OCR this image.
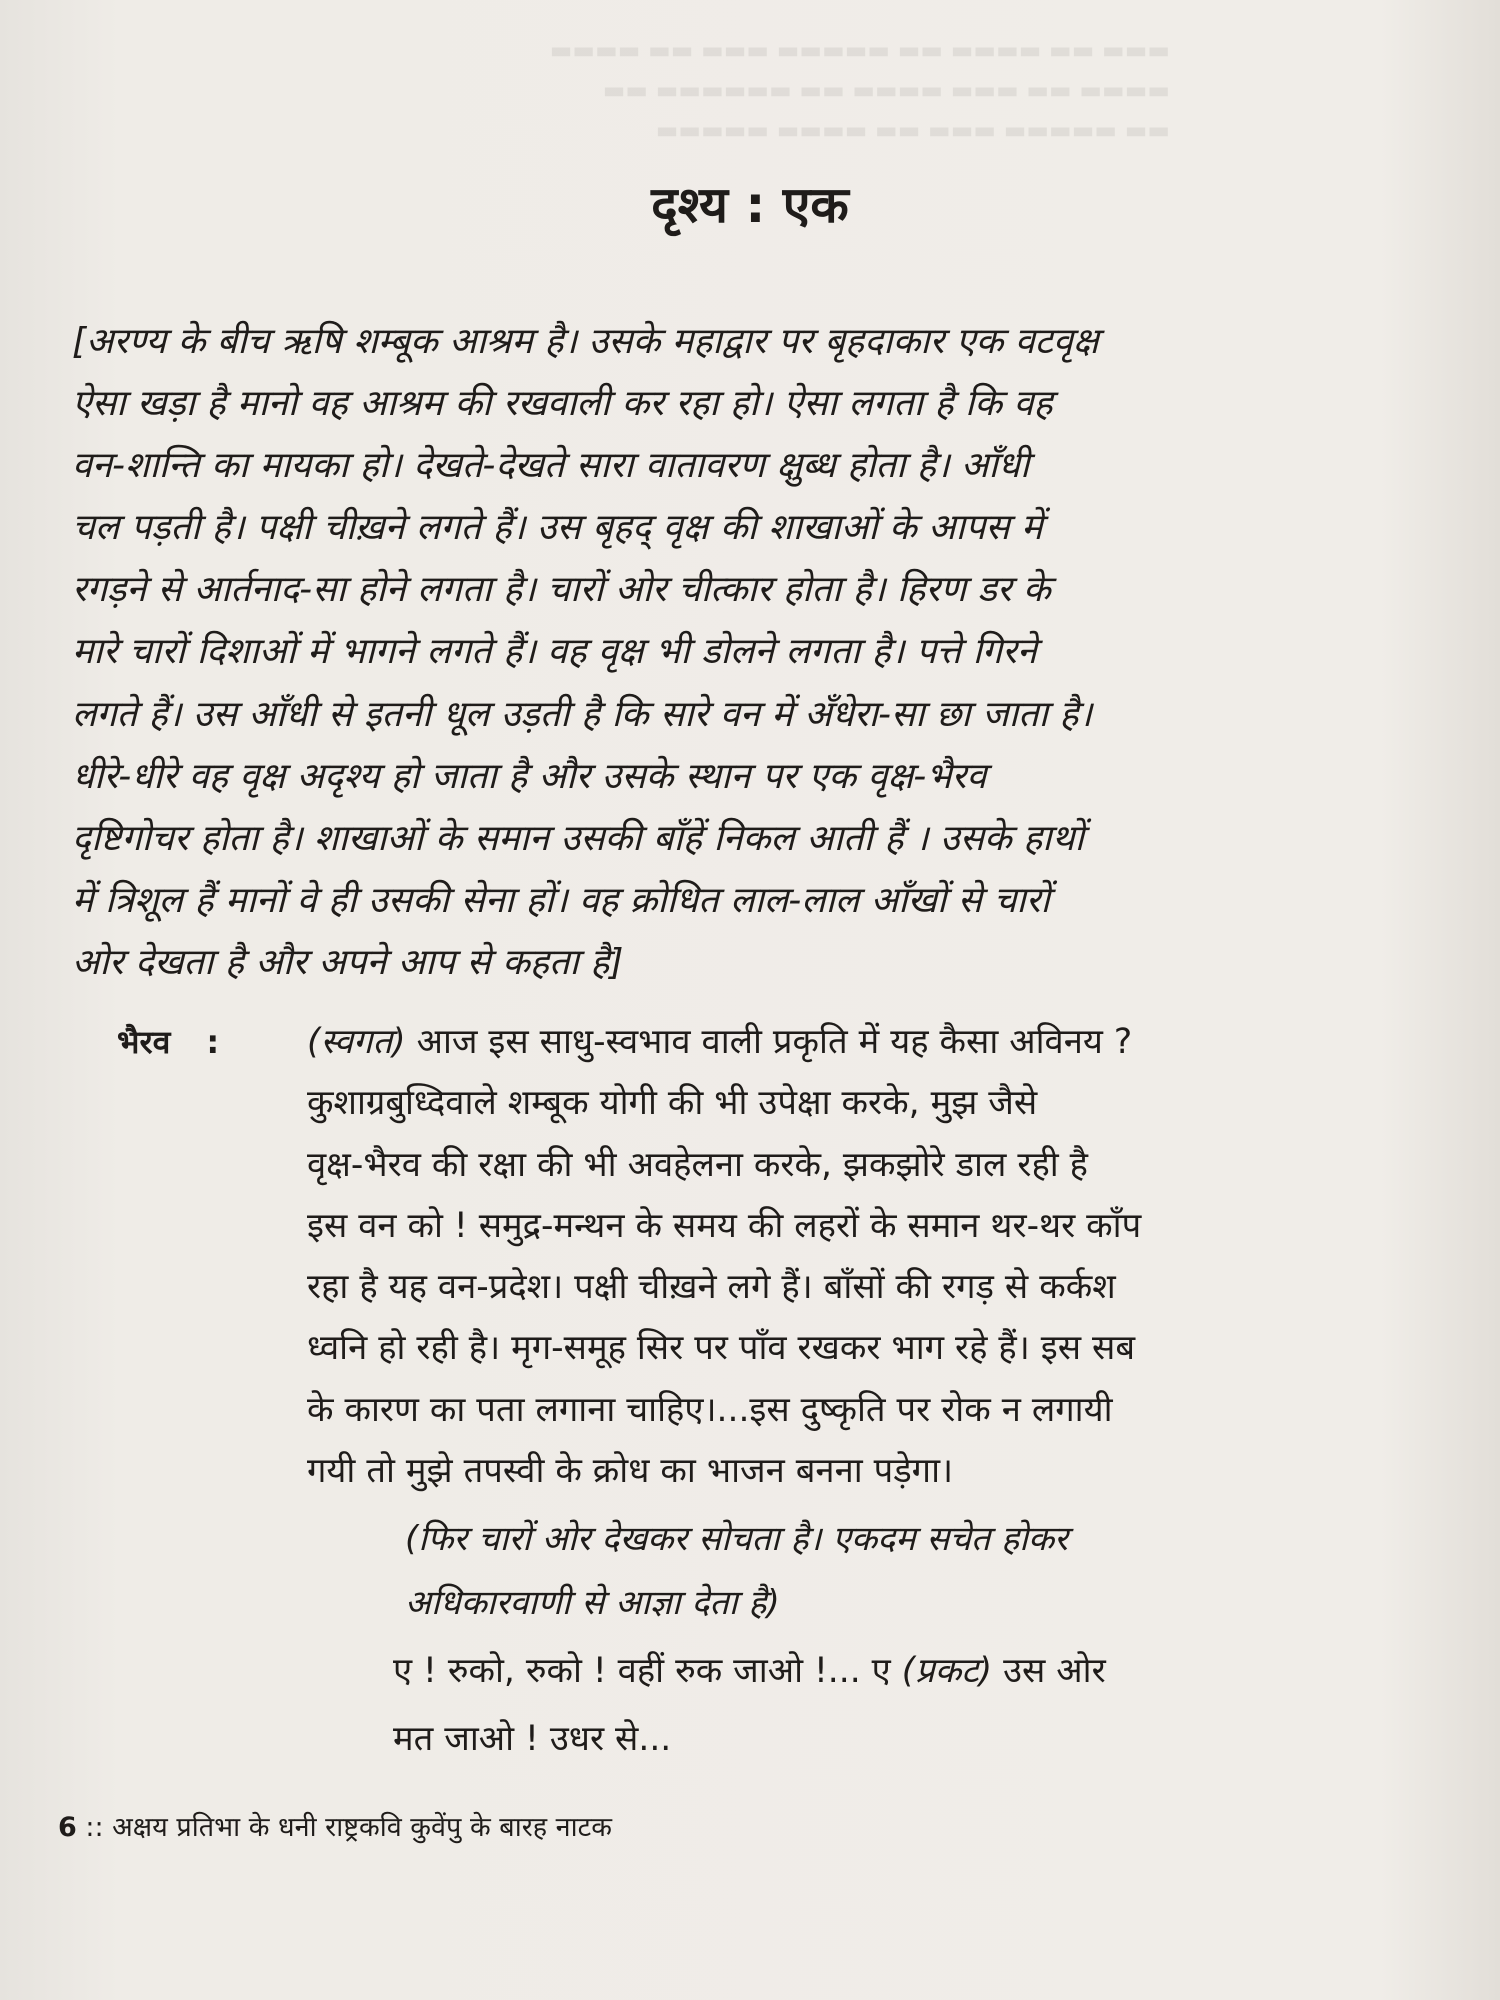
▬▬▬ ▬▬ ▬▬▬▬ ▬▬ ▬▬▬▬▬ ▬▬▬ ▬▬ ▬▬▬▬
▬▬▬▬ ▬▬ ▬▬▬ ▬▬▬▬ ▬▬ ▬▬▬▬▬▬ ▬▬
▬▬ ▬▬▬▬▬ ▬▬▬ ▬▬ ▬▬▬▬ ▬▬▬▬▬
दृश्य : एक
[अरण्य के बीच ऋषि शम्बूक आश्रम है। उसके महाद्वार पर बृहदाकार एक वटवृक्ष
ऐसा खड़ा है मानो वह आश्रम की रखवाली कर रहा हो। ऐसा लगता है कि वह
वन-शान्ति का मायका हो। देखते-देखते सारा वातावरण क्षुब्ध होता है। आँधी
चल पड़ती है। पक्षी चीख़ने लगते हैं। उस बृहद् वृक्ष की शाखाओं के आपस में
रगड़ने से आर्तनाद-सा होने लगता है। चारों ओर चीत्कार होता है। हिरण डर के
मारे चारों दिशाओं में भागने लगते हैं। वह वृक्ष भी डोलने लगता है। पत्ते गिरने
लगते हैं। उस आँधी से इतनी धूल उड़ती है कि सारे वन में अँधेरा-सा छा जाता है।
धीरे-धीरे वह वृक्ष अदृश्य हो जाता है और उसके स्थान पर एक वृक्ष-भैरव
दृष्टिगोचर होता है। शाखाओं के समान उसकी बाँहें निकल आती हैं । उसके हाथों
में त्रिशूल हैं मानों वे ही उसकी सेना हों। वह क्रोधित लाल-लाल आँखों से चारों
ओर देखता है और अपने आप से कहता है]
भैरव :	(स्वगत) आज इस साधु-स्वभाव वाली प्रकृति में यह कैसा अविनय ?
कुशाग्रबुध्दिवाले शम्बूक योगी की भी उपेक्षा करके, मुझ जैसे
वृक्ष-भैरव की रक्षा की भी अवहेलना करके, झकझोरे डाल रही है
इस वन को ! समुद्र-मन्थन के समय की लहरों के समान थर-थर काँप
रहा है यह वन-प्रदेश। पक्षी चीख़ने लगे हैं। बाँसों की रगड़ से कर्कश
ध्वनि हो रही है। मृग-समूह सिर पर पाँव रखकर भाग रहे हैं। इस सब
के कारण का पता लगाना चाहिए।...इस दुष्कृति पर रोक न लगायी
गयी तो मुझे तपस्वी के क्रोध का भाजन बनना पड़ेगा।
(फिर चारों ओर देखकर सोचता है। एकदम सचेत होकर
अधिकारवाणी से आज्ञा देता है)
ए ! रुको, रुको ! वहीं रुक जाओ !... ए (प्रकट) उस ओर
मत जाओ ! उधर से...
6 :: अक्षय प्रतिभा के धनी राष्ट्रकवि कुवेंपु के बारह नाटक
